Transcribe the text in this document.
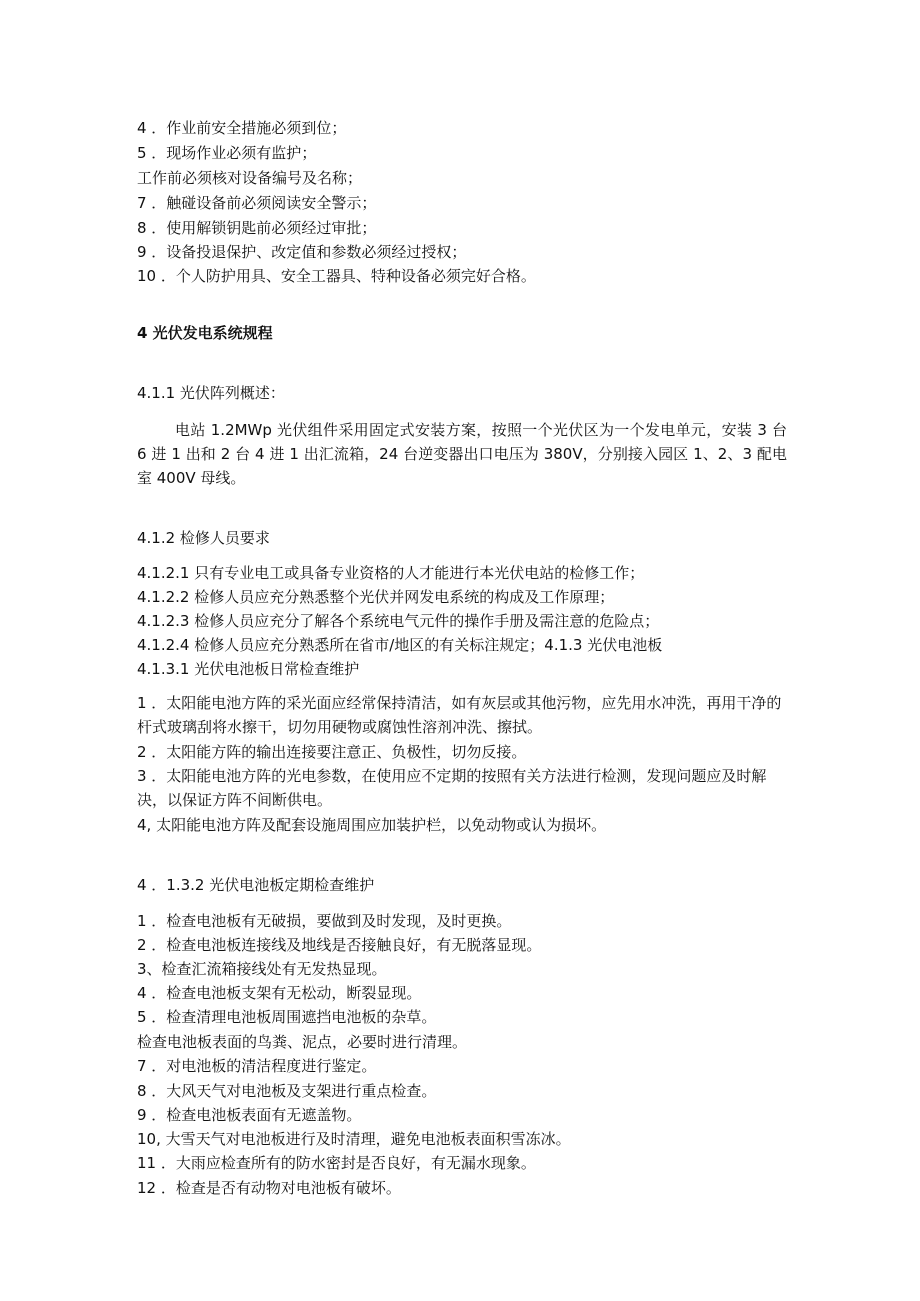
4 ．作业前安全措施必须到位；
5 ．现场作业必须有监护；
工作前必须核对设备编号及名称；
7 ．触碰设备前必须阅读安全警示；
8 ．使用解锁钥匙前必须经过审批；
9 ．设备投退保护、改定值和参数必须经过授权；
10 ．个人防护用具、安全工器具、特种设备必须完好合格。
4 光伏发电系统规程
4.1.1 光伏阵列概述：
电站 1.2MWp 光伏组件采用固定式安装方案，按照一个光伏区为一个发电单元，安装 3 台 6 进 1 出和 2 台 4 进 1 出汇流箱，24 台逆变器出口电压为 380V，分别接入园区 1、2、3 配电室 400V 母线。
4.1.2 检修人员要求
4.1.2.1 只有专业电工或具备专业资格的人才能进行本光伏电站的检修工作；
4.1.2.2 检修人员应充分熟悉整个光伏并网发电系统的构成及工作原理；
4.1.2.3 检修人员应充分了解各个系统电气元件的操作手册及需注意的危险点；
4.1.2.4 检修人员应充分熟悉所在省市/地区的有关标注规定；4.1.3 光伏电池板
4.1.3.1 光伏电池板日常检查维护
1 ．太阳能电池方阵的采光面应经常保持清洁，如有灰层或其他污物，应先用水冲洗，再用干净的杆式玻璃刮将水擦干，切勿用硬物或腐蚀性溶剂冲洗、擦拭。
2 ．太阳能方阵的输出连接要注意正、负极性，切勿反接。
3 ．太阳能电池方阵的光电参数，在使用应不定期的按照有关方法进行检测，发现问题应及时解决，以保证方阵不间断供电。
4, 太阳能电池方阵及配套设施周围应加装护栏，以免动物或认为损坏。
4 ．1.3.2 光伏电池板定期检查维护
1 ．检查电池板有无破损，要做到及时发现，及时更换。
2 ．检查电池板连接线及地线是否接触良好，有无脱落显现。
3、检查汇流箱接线处有无发热显现。
4 ．检查电池板支架有无松动，断裂显现。
5 ．检查清理电池板周围遮挡电池板的杂草。
检查电池板表面的鸟粪、泥点，必要时进行清理。
7 ．对电池板的清洁程度进行鉴定。
8 ．大风天气对电池板及支架进行重点检查。
9 ．检查电池板表面有无遮盖物。
10, 大雪天气对电池板进行及时清理，避免电池板表面积雪冻冰。
11 ．大雨应检查所有的防水密封是否良好，有无漏水现象。
12 ．检查是否有动物对电池板有破坏。
